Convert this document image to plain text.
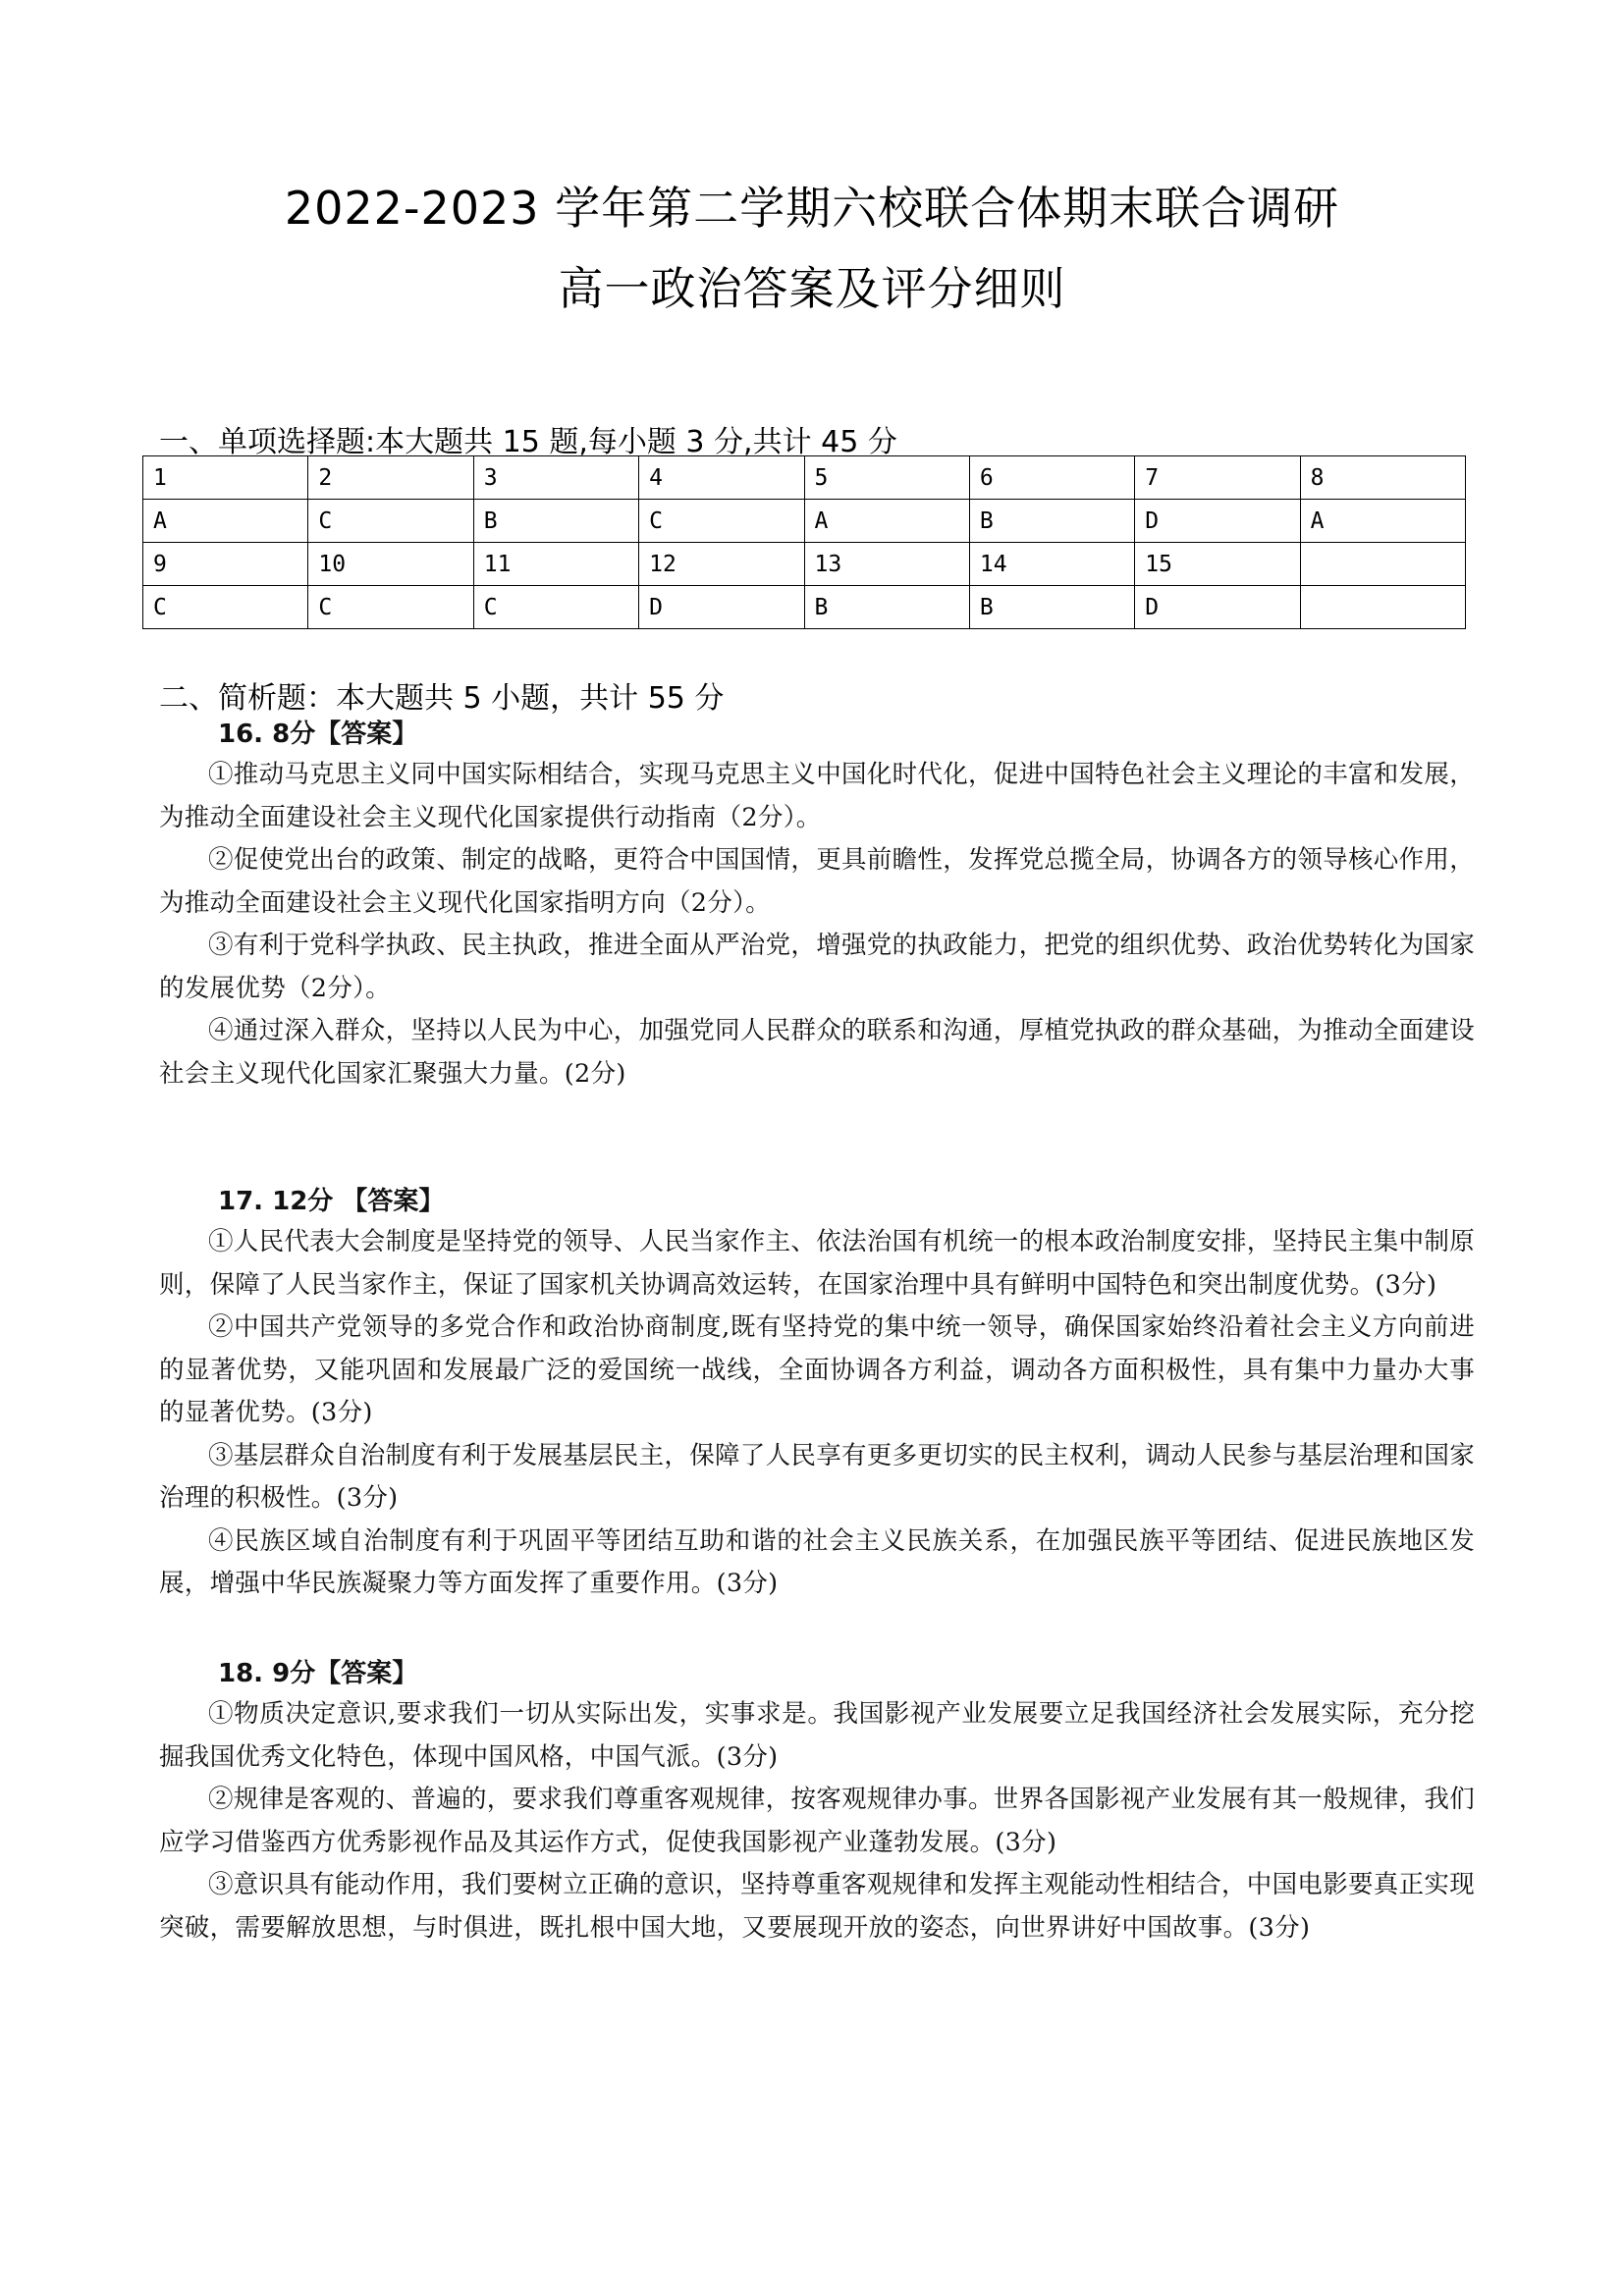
2022-2023 学年第二学期六校联合体期末联合调研
高一政治答案及评分细则
一、单项选择题:本大题共 15 题,每小题 3 分,共计 45 分
1	2	3	4	5	6	7	8
A	C	B	C	A	B	D	A
9	10	11	12	13	14	15	
C	C	C	D	B	B	D	
二、简析题：本大题共 5 小题，共计 55 分
16. 8分【答案】

①推动马克思主义同中国实际相结合，实现马克思主义中国化时代化，促进中国特色社会主义理论的丰富和发展，为推动全面建设社会主义现代化国家提供行动指南（2分）。

②促使党出台的政策、制定的战略，更符合中国国情，更具前瞻性，发挥党总揽全局，协调各方的领导核心作用，为推动全面建设社会主义现代化国家指明方向（2分）。

③有利于党科学执政、民主执政，推进全面从严治党，增强党的执政能力，把党的组织优势、政治优势转化为国家的发展优势（2分）。

④通过深入群众，坚持以人民为中心，加强党同人民群众的联系和沟通，厚植党执政的群众基础，为推动全面建设社会主义现代化国家汇聚强大力量。(2分)

17. 12分 【答案】

①人民代表大会制度是坚持党的领导、人民当家作主、依法治国有机统一的根本政治制度安排，坚持民主集中制原则，保障了人民当家作主，保证了国家机关协调高效运转，在国家治理中具有鲜明中国特色和突出制度优势。(3分)

②中国共产党领导的多党合作和政治协商制度,既有坚持党的集中统一领导，确保国家始终沿着社会主义方向前进的显著优势，又能巩固和发展最广泛的爱国统一战线，全面协调各方利益，调动各方面积极性，具有集中力量办大事的显著优势。(3分)

③基层群众自治制度有利于发展基层民主，保障了人民享有更多更切实的民主权利，调动人民参与基层治理和国家治理的积极性。(3分)

④民族区域自治制度有利于巩固平等团结互助和谐的社会主义民族关系，在加强民族平等团结、促进民族地区发展，增强中华民族凝聚力等方面发挥了重要作用。(3分)

18. 9分【答案】

①物质决定意识,要求我们一切从实际出发，实事求是。我国影视产业发展要立足我国经济社会发展实际，充分挖掘我国优秀文化特色，体现中国风格，中国气派。(3分)

②规律是客观的、普遍的，要求我们尊重客观规律，按客观规律办事。世界各国影视产业发展有其一般规律，我们应学习借鉴西方优秀影视作品及其运作方式，促使我国影视产业蓬勃发展。(3分)

③意识具有能动作用，我们要树立正确的意识，坚持尊重客观规律和发挥主观能动性相结合，中国电影要真正实现突破，需要解放思想，与时俱进，既扎根中国大地，又要展现开放的姿态，向世界讲好中国故事。(3分)
